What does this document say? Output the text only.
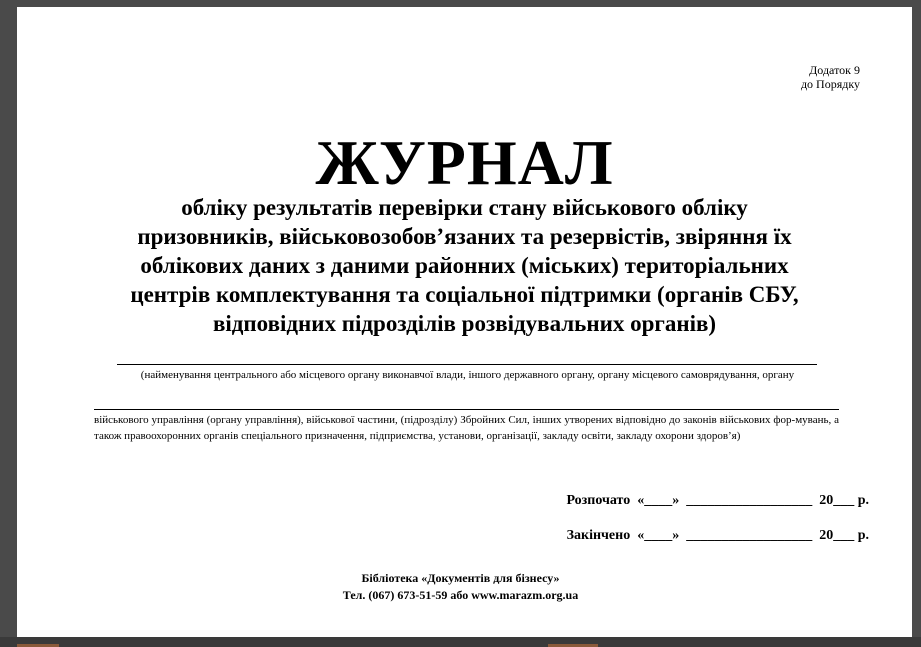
Додаток 9
до Порядку
ЖУРНАЛ
обліку результатів перевірки стану військового обліку
призовників, військовозобов’язаних та резервістів, звіряння їх
облікових даних з даними районних (міських) територіальних
центрів комплектування та соціальної підтримки (органів СБУ,
відповідних підрозділів розвідувальних органів)
(найменування центрального або місцевого органу виконавчої влади, іншого державного органу, органу місцевого самоврядування, органу
військового управління (органу управління), військової частини, (підрозділу) Збройних Сил, інших утворених відповідно до законів військових фор-мувань, а також правоохоронних органів спеціального призначення, підприємства, установи, організації, закладу освіти, закладу охорони здоров’я)
Розпочато  «____»  __________________  20___ р.
Закінчено  «____»  __________________  20___ р.
Бібліотека «Документів для бізнесу»
Тел. (067) 673-51-59 або www.marazm.org.ua
